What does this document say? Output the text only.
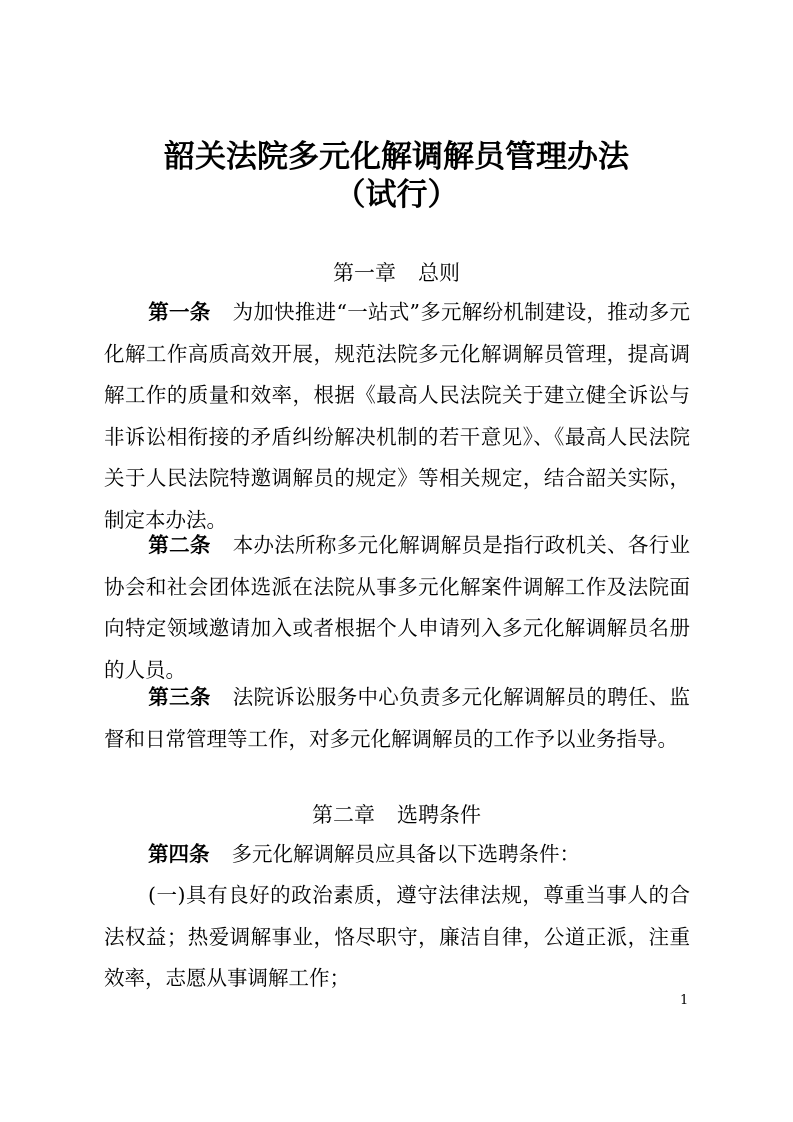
韶关法院多元化解调解员管理办法
（试行）
第一章 总则
第一条 为加快推进“一站式”多元解纷机制建设，推动多元化解工作高质高效开展，规范法院多元化解调解员管理，提高调解工作的质量和效率，根据《最高人民法院关于建立健全诉讼与非诉讼相衔接的矛盾纠纷解决机制的若干意见》、《最高人民法院关于人民法院特邀调解员的规定》等相关规定，结合韶关实际，制定本办法。
第二条 本办法所称多元化解调解员是指行政机关、各行业协会和社会团体选派在法院从事多元化解案件调解工作及法院面向特定领域邀请加入或者根据个人申请列入多元化解调解员名册的人员。
第三条 法院诉讼服务中心负责多元化解调解员的聘任、监督和日常管理等工作，对多元化解调解员的工作予以业务指导。
第二章 选聘条件
第四条 多元化解调解员应具备以下选聘条件：
(一)具有良好的政治素质，遵守法律法规，尊重当事人的合法权益；热爱调解事业，恪尽职守，廉洁自律，公道正派，注重效率，志愿从事调解工作；
1
